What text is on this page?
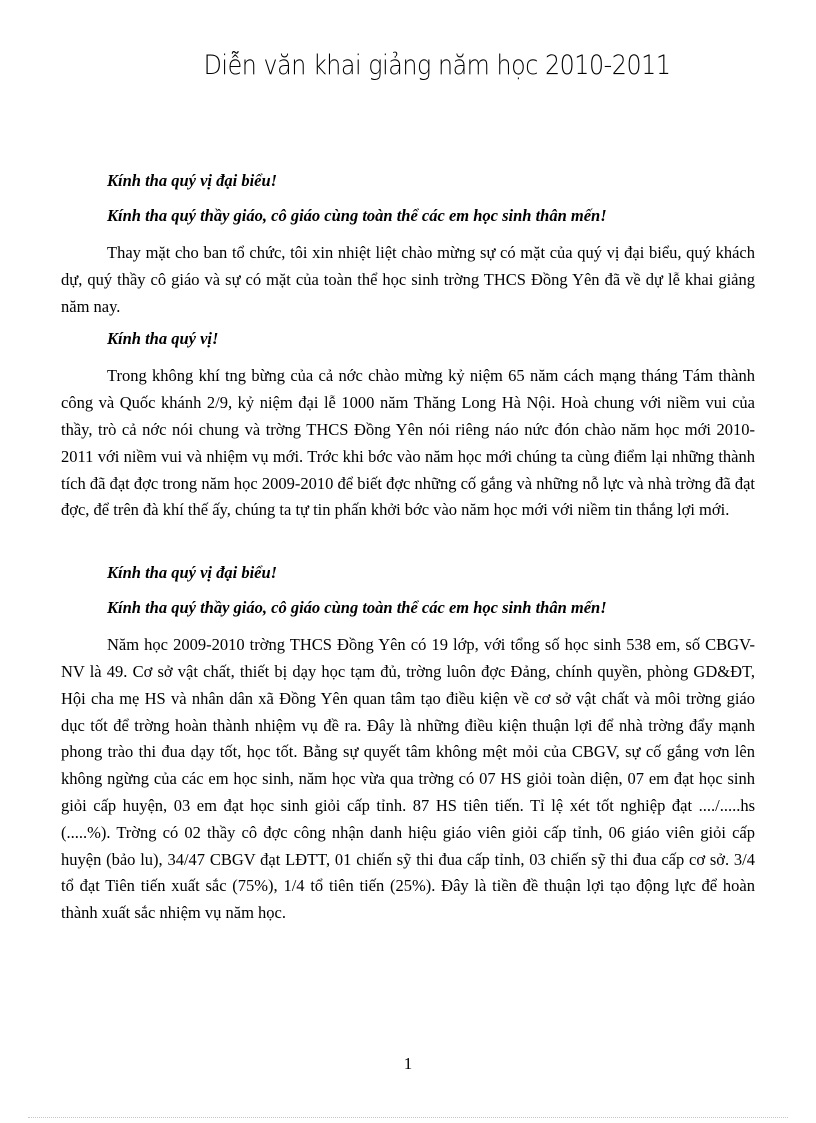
Diễn văn khai giảng năm học 2010-2011

Kính tha quý vị đại biểu!

Kính tha quý thầy giáo, cô giáo cùng toàn thể các em học sinh thân mến!

Thay mặt cho ban tổ chức, tôi xin nhiệt liệt chào mừng sự có mặt của quý vị đại biểu, quý khách dự, quý thầy cô giáo và sự có mặt của toàn thể học sinh trờng THCS Đồng Yên đã về dự lễ khai giảng năm nay.

Kính tha quý vị!

Trong không khí tng bừng của cả nớc chào mừng kỷ niệm 65 năm cách mạng tháng Tám thành công và Quốc khánh 2/9, kỷ niệm đại lễ 1000 năm Thăng Long Hà Nội. Hoà chung với niềm vui của thầy, trò cả nớc nói chung và trờng THCS Đồng Yên nói riêng náo nức đón chào năm học mới 2010-2011 với niềm vui và nhiệm vụ mới. Trớc khi bớc vào năm học mới chúng ta cùng điểm lại những thành tích đã đạt đợc trong năm học 2009-2010 để biết đợc những cố gắng và những nỗ lực và nhà trờng đã đạt đợc, để trên đà khí thế ấy, chúng ta tự tin phấn khởi bớc vào năm học mới với niềm tin thắng lợi mới.

Kính tha quý vị đại biểu!

Kính tha quý thầy giáo, cô giáo cùng toàn thể các em học sinh thân mến!

Năm học 2009-2010 trờng THCS Đồng Yên có 19 lớp, với tổng số học sinh 538 em, số CBGV-NV là 49. Cơ sở vật chất, thiết bị dạy học tạm đủ, trờng luôn đợc Đảng, chính quyền, phòng GD&ĐT, Hội cha mẹ HS và nhân dân xã Đồng Yên quan tâm tạo điều kiện về cơ sở vật chất và môi trờng giáo dục tốt để trờng hoàn thành nhiệm vụ đề ra. Đây là những điều kiện thuận lợi để nhà trờng đẩy mạnh phong trào thi đua dạy tốt, học tốt. Bằng sự quyết tâm không mệt mỏi của CBGV, sự cố gắng vơn lên không ngừng của các em học sinh, năm học vừa qua trờng có 07 HS giỏi toàn diện, 07 em đạt học sinh giỏi cấp huyện, 03 em đạt học sinh giỏi cấp tỉnh. 87 HS tiên tiến. Tỉ lệ xét tốt nghiệp đạt ..../.....hs (.....%). Trờng có 02 thầy cô đợc công nhận danh hiệu giáo viên giỏi cấp tỉnh, 06 giáo viên giỏi cấp huyện (bảo lu), 34/47 CBGV đạt LĐTT, 01 chiến sỹ thi đua cấp tỉnh, 03 chiến sỹ thi đua cấp cơ sở. 3/4 tổ đạt Tiên tiến xuất sắc (75%), 1/4 tổ tiên tiến (25%). Đây là tiền đề thuận lợi tạo động lực để hoàn thành xuất sắc nhiệm vụ năm học.

1
